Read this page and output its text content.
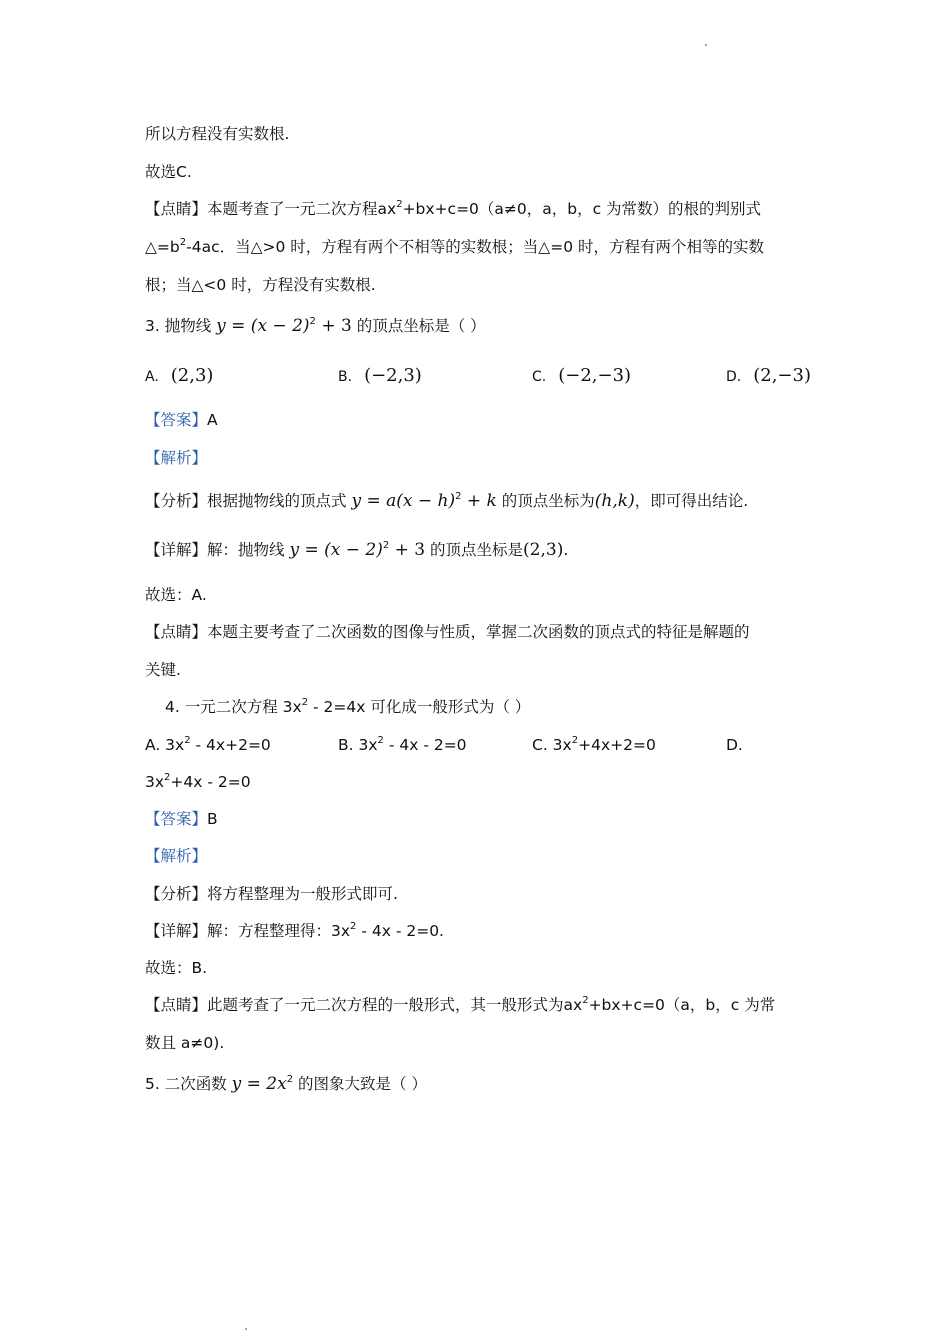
所以方程没有实数根.
故选C.
【点睛】本题考查了一元二次方程$ax^2+bx+c=0(a\ne 0$，a，b，c 为常数）的根的判别式
$\triangle=b^2-4ac$．当△>0 时，方程有两个不相等的实数根；当△=0 时，方程有两个相等的实数
根；当△<0 时，方程没有实数根.
3. 抛物线 $y = (x - 2)^2 + 3$ 的顶点坐标是（ ）
A. (2,3)	B. (−2,3)	C. (−2,−3)	D. (2,−3)
【答案】A
【解析】
【分析】根据抛物线的顶点式 $y = a(x - h)^2 + k$ 的顶点坐标为(h,k)，即可得出结论.
【详解】解：抛物线 $y = (x - 2)^2 + 3$ 的顶点坐标是(2,3).
故选：A.
【点睛】本题主要考查了二次函数的图像与性质，掌握二次函数的顶点式的特征是解题的
关键.
4. 一元二次方程 $3x^2 - 2=4x$ 可化成一般形式为（ ）
A. $3x^2 - 4x+2=0$	B. $3x^2 - 4x - 2=0$	C. $3x^2+4x+2=0$	D.
$3x^2+4x - 2=0$
【答案】B
【解析】
【分析】将方程整理为一般形式即可.
【详解】解：方程整理得：$3x^2 - 4x - 2=0$.
故选：B.
【点睛】此题考查了一元二次方程的一般形式，其一般形式为$ax^2+bx+c=0(a$，b，c 为常
数且 a≠0).
5. 二次函数 $y = 2x^2$ 的图象大致是（ ）
